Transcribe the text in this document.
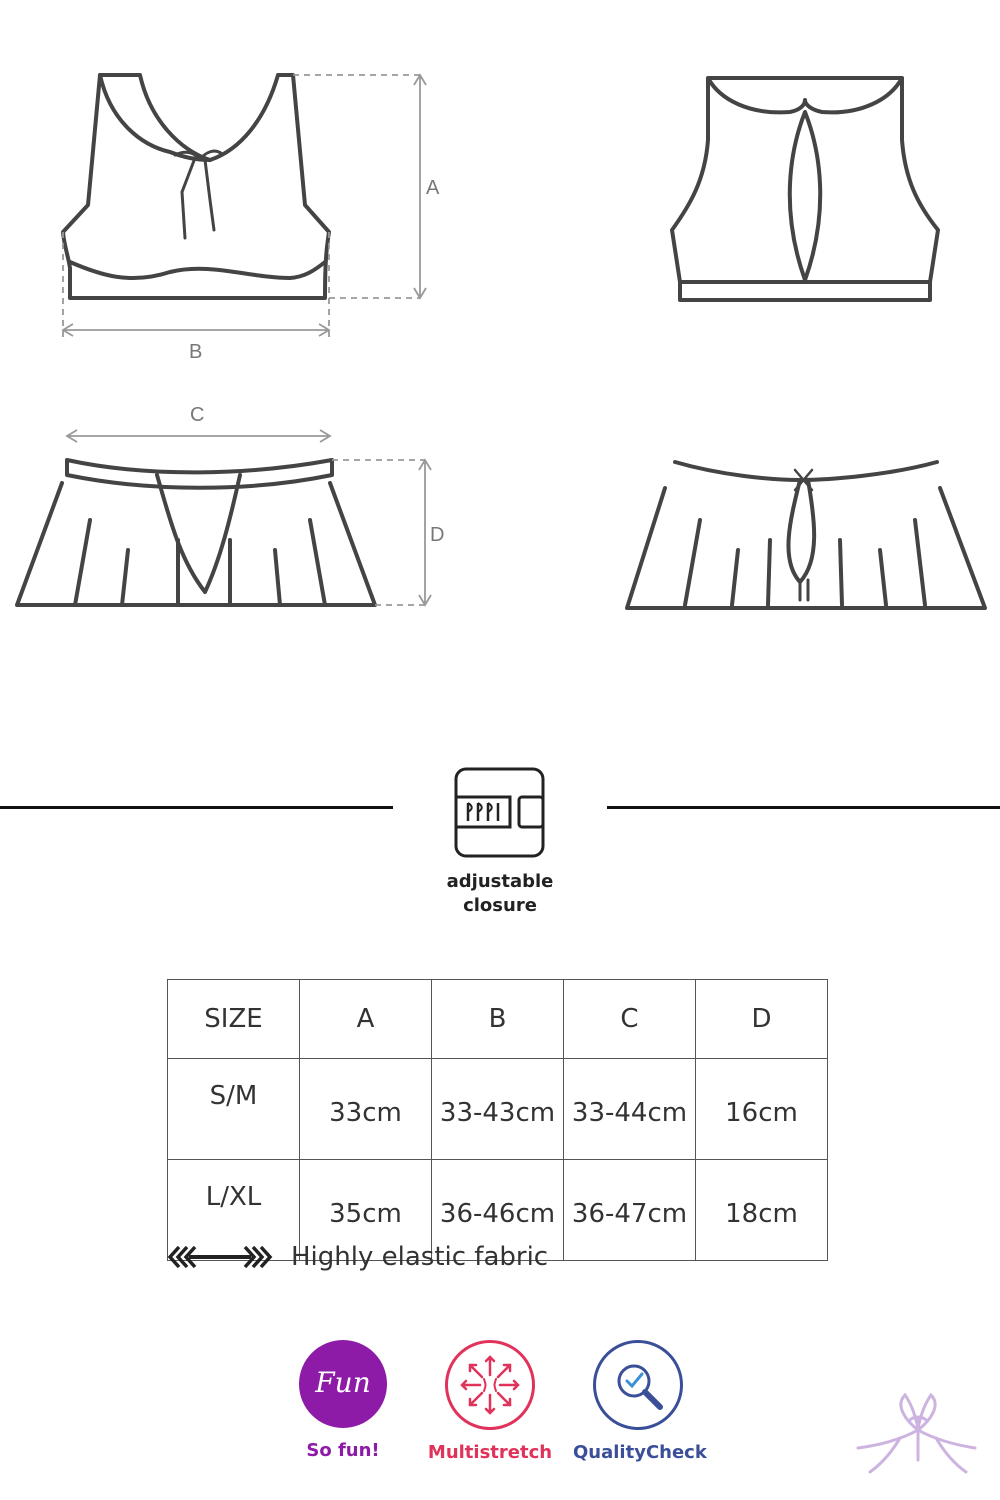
A
B
C
D
adjustable
closure
SIZE	A	B	C	D
S/M	33cm	33-43cm	33-44cm	16cm
L/XL	35cm	36-46cm	36-47cm	18cm
Highly elastic fabric
Fun
So fun!	Multistretch QualityCheck
